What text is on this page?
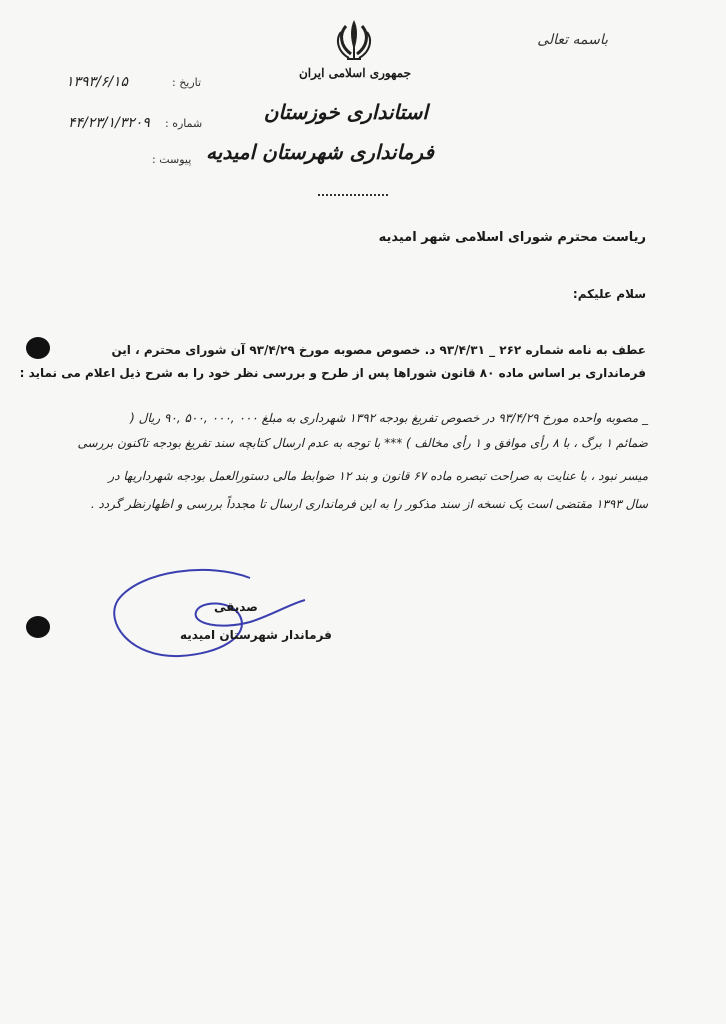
باسمه تعالی
جمهوری اسلامی ایران
استانداری خوزستان
فرمانداری شهرستان امیدیه
تاریخ :
۱۳۹۳/۶/۱۵
شماره :
۴۴/۲۳/۱/۳۲۰۹
پیوست :
ریاست محترم شورای اسلامی شهر امیدیه
سلام علیکم:
عطف به نامه شماره ۲۶۲ _ ۹۳/۴/۳۱ د. خصوص مصوبه مورخ ۹۳/۴/۲۹ آن شورای محترم ، این
فرمانداری بر اساس ماده ۸۰ قانون شوراها پس از طرح و بررسی نظر خود را به شرح ذیل اعلام می نماید :
_ مصوبه واحده مورخ ۹۳/۴/۲۹ در خصوص تفریغ بودجه ۱۳۹۲ شهرداری به مبلغ ۰۰۰ ,۰۰۰ ,۵۰۰ ,۹۰ ریال (
ضمائم ۱ برگ ، با ۸ رأی موافق و ۱ رأی مخالف ) *** با توجه به عدم ارسال کتابچه سند تفریغ بودجه تاکنون بررسی
میسر نبود ، با عنایت به صراحت تبصره ماده ۶۷ قانون و بند ۱۲ ضوابط مالی دستورالعمل بودجه شهرداریها در
سال ۱۳۹۳ مقتضی است یک نسخه از سند مذکور را به این فرمانداری ارسال تا مجدداً بررسی و اظهارنظر گردد .
صدیقی
فرماندار شهرستان امیدیه
